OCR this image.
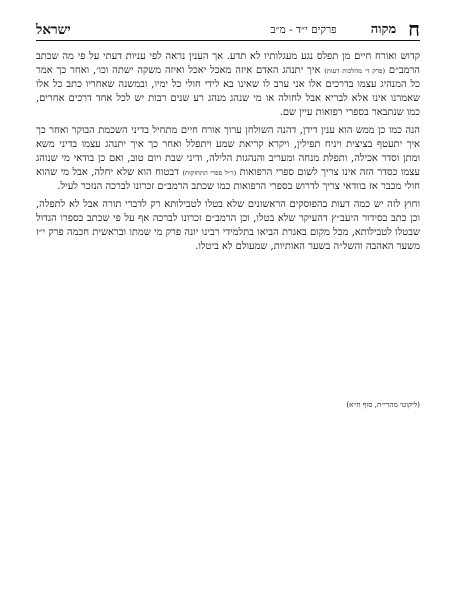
ח
מקוה
פרקים י״ד - מ״ב
ישראל

קדוש ואורח חיים מן תפלס נגע מעגלותיו לא תדע. אך הענין נראה לפי עניות דעתי על פי מה שכתב הרמב״ם (פרק ד׳ מהלכות דעות) איך יתנהג האדם איזה מאכל יאכל ואיזה משקה ישתה וכו׳, ואחר כך אמר כל המנהיג עצמו בדרכים אלו אני ערב לו שאינו בא לידי חולי כל ימיו, ובמשנה שאחריו כתב כל אלו שאמרנו אינו אלא לבריא אבל לחולה או מי שנהג מנהג רע שנים רבות יש לכל אחד דרכים אחרים, כמו שנתבאר בספרי רפואות עיין שם.

הנה כמו כן ממש הוא ענין דידן, דהנה השולחן ערוך אורח חיים מתחיל בדיני השכמת הבוקר ואחר כך איך יתעטף בציצית ויניח תפילין, ויקרא קריאת שמע ויתפלל ואחר כך איך יתנהג עצמו בדיני משא ומתן וסדר אכילה, ותפלת מנחה ומעריב והנהגות הלילה, ודיני שבת ויום טוב, ואם כן בודאי מי שנוהג עצמו כסדר הזה אינו צריך לשום ספרי הרפואות (ר״ל ספרי התחזקות) דבטוח הוא שלא יחלה, אבל מי שהוא חולי מכבר אז בוודאי צריך לדרוש בספרי הרפואות כמו שכתב הרמב״ם זכרונו לברכה הנזכר לעיל.

וחוץ לזה יש כמה דעות בהפוסקים הראשונים שלא בטלו לטבילותא רק לדברי תורה אבל לא לתפלה, וכן כתב בסידור היעב״ץ דהעיקר שלא בטלו, וכן הרמב״ם זכרונו לברכה אף על פי שכתב בספרו הגדול שבטלו לטבילותא, מכל מקום באגרת הביאו בתלמידי רבינו יונה פרק מי שמתו ובראשית חכמה פרק י״ז משער האהבה והשל״ה בשער האותיות, שמעולם לא ביטלו.

(ליקוטי מהרי״ח, סוף ח״א)
